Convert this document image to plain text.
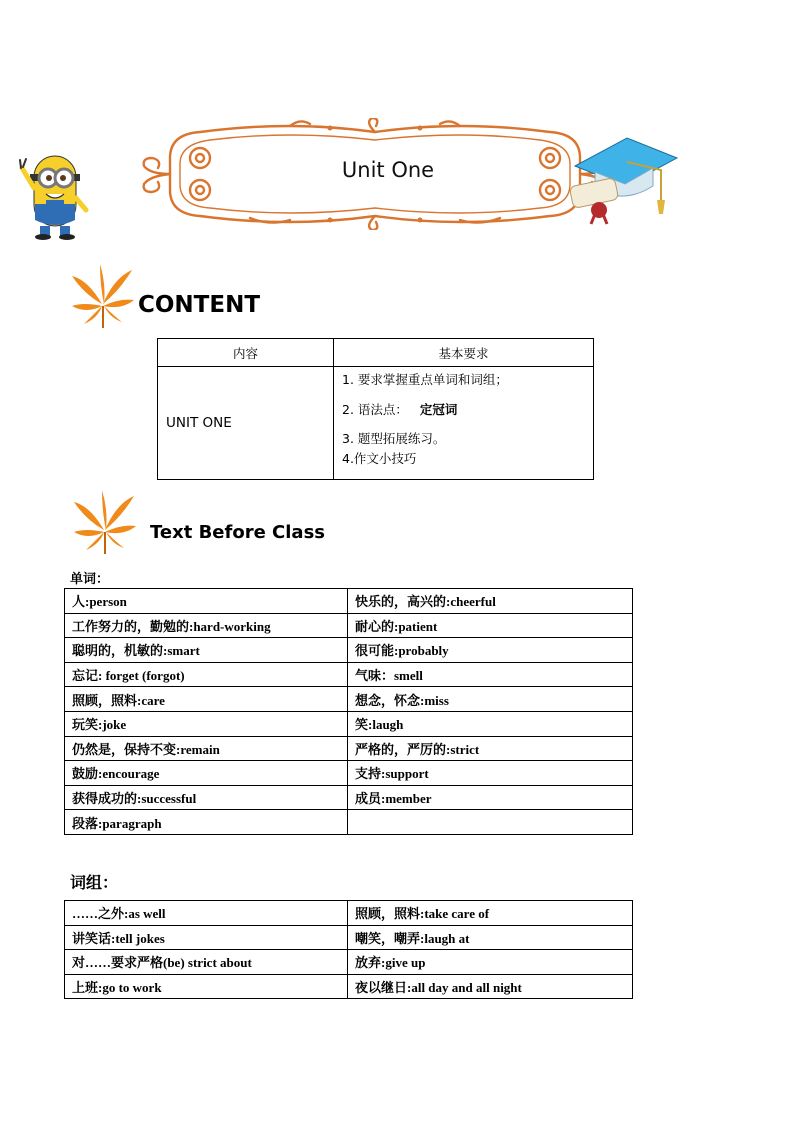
Unit One
CONTENT
内容	基本要求
UNIT ONE	1. 要求掌握重点单词和词组；

2. 语法点： 定冠词

3. 题型拓展练习。

4.作文小技巧

Text Before Class
单词：
人:person	快乐的，高兴的:cheerful
工作努力的，勤勉的:hard-working	耐心的:patient
聪明的，机敏的:smart	很可能:probably
忘记: forget (forgot)	气味：smell
照顾，照料:care	想念，怀念:miss
玩笑:joke	笑:laugh
仍然是，保持不变:remain	严格的，严厉的:strict
鼓励:encourage	支持:support
获得成功的:successful	成员:member
段落:paragraph	
词组：
……之外:as well	照顾，照料:take care of
讲笑话:tell jokes	嘲笑，嘲弄:laugh at
对……要求严格(be) strict about	放弃:give up
上班:go to work	夜以继日:all day and all night
